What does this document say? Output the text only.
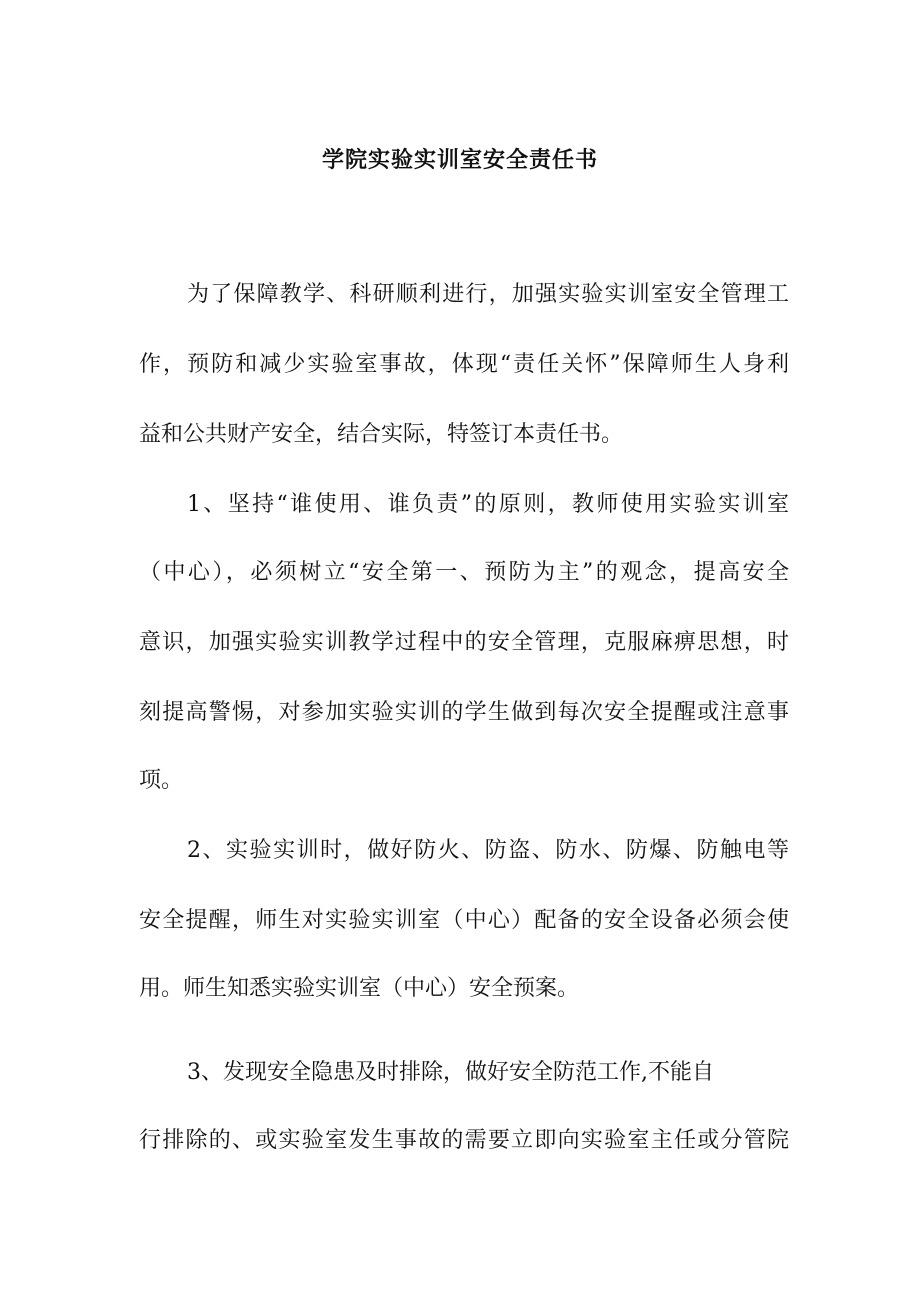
学院实验实训室安全责任书
为了保障教学、科研顺利进行，加强实验实训室安全管理工
作，预防和减少实验室事故，体现“责任关怀”保障师生人身利
益和公共财产安全，结合实际，特签订本责任书。
1、坚持“谁使用、谁负责”的原则，教师使用实验实训室
（中心），必须树立“安全第一、预防为主”的观念，提高安全
意识，加强实验实训教学过程中的安全管理，克服麻痹思想，时
刻提高警惕，对参加实验实训的学生做到每次安全提醒或注意事
项。
2、实验实训时，做好防火、防盗、防水、防爆、防触电等
安全提醒，师生对实验实训室（中心）配备的安全设备必须会使
用。师生知悉实验实训室（中心）安全预案。
3、发现安全隐患及时排除，做好安全防范工作,不能自
行排除的、或实验室发生事故的需要立即向实验室主任或分管院
